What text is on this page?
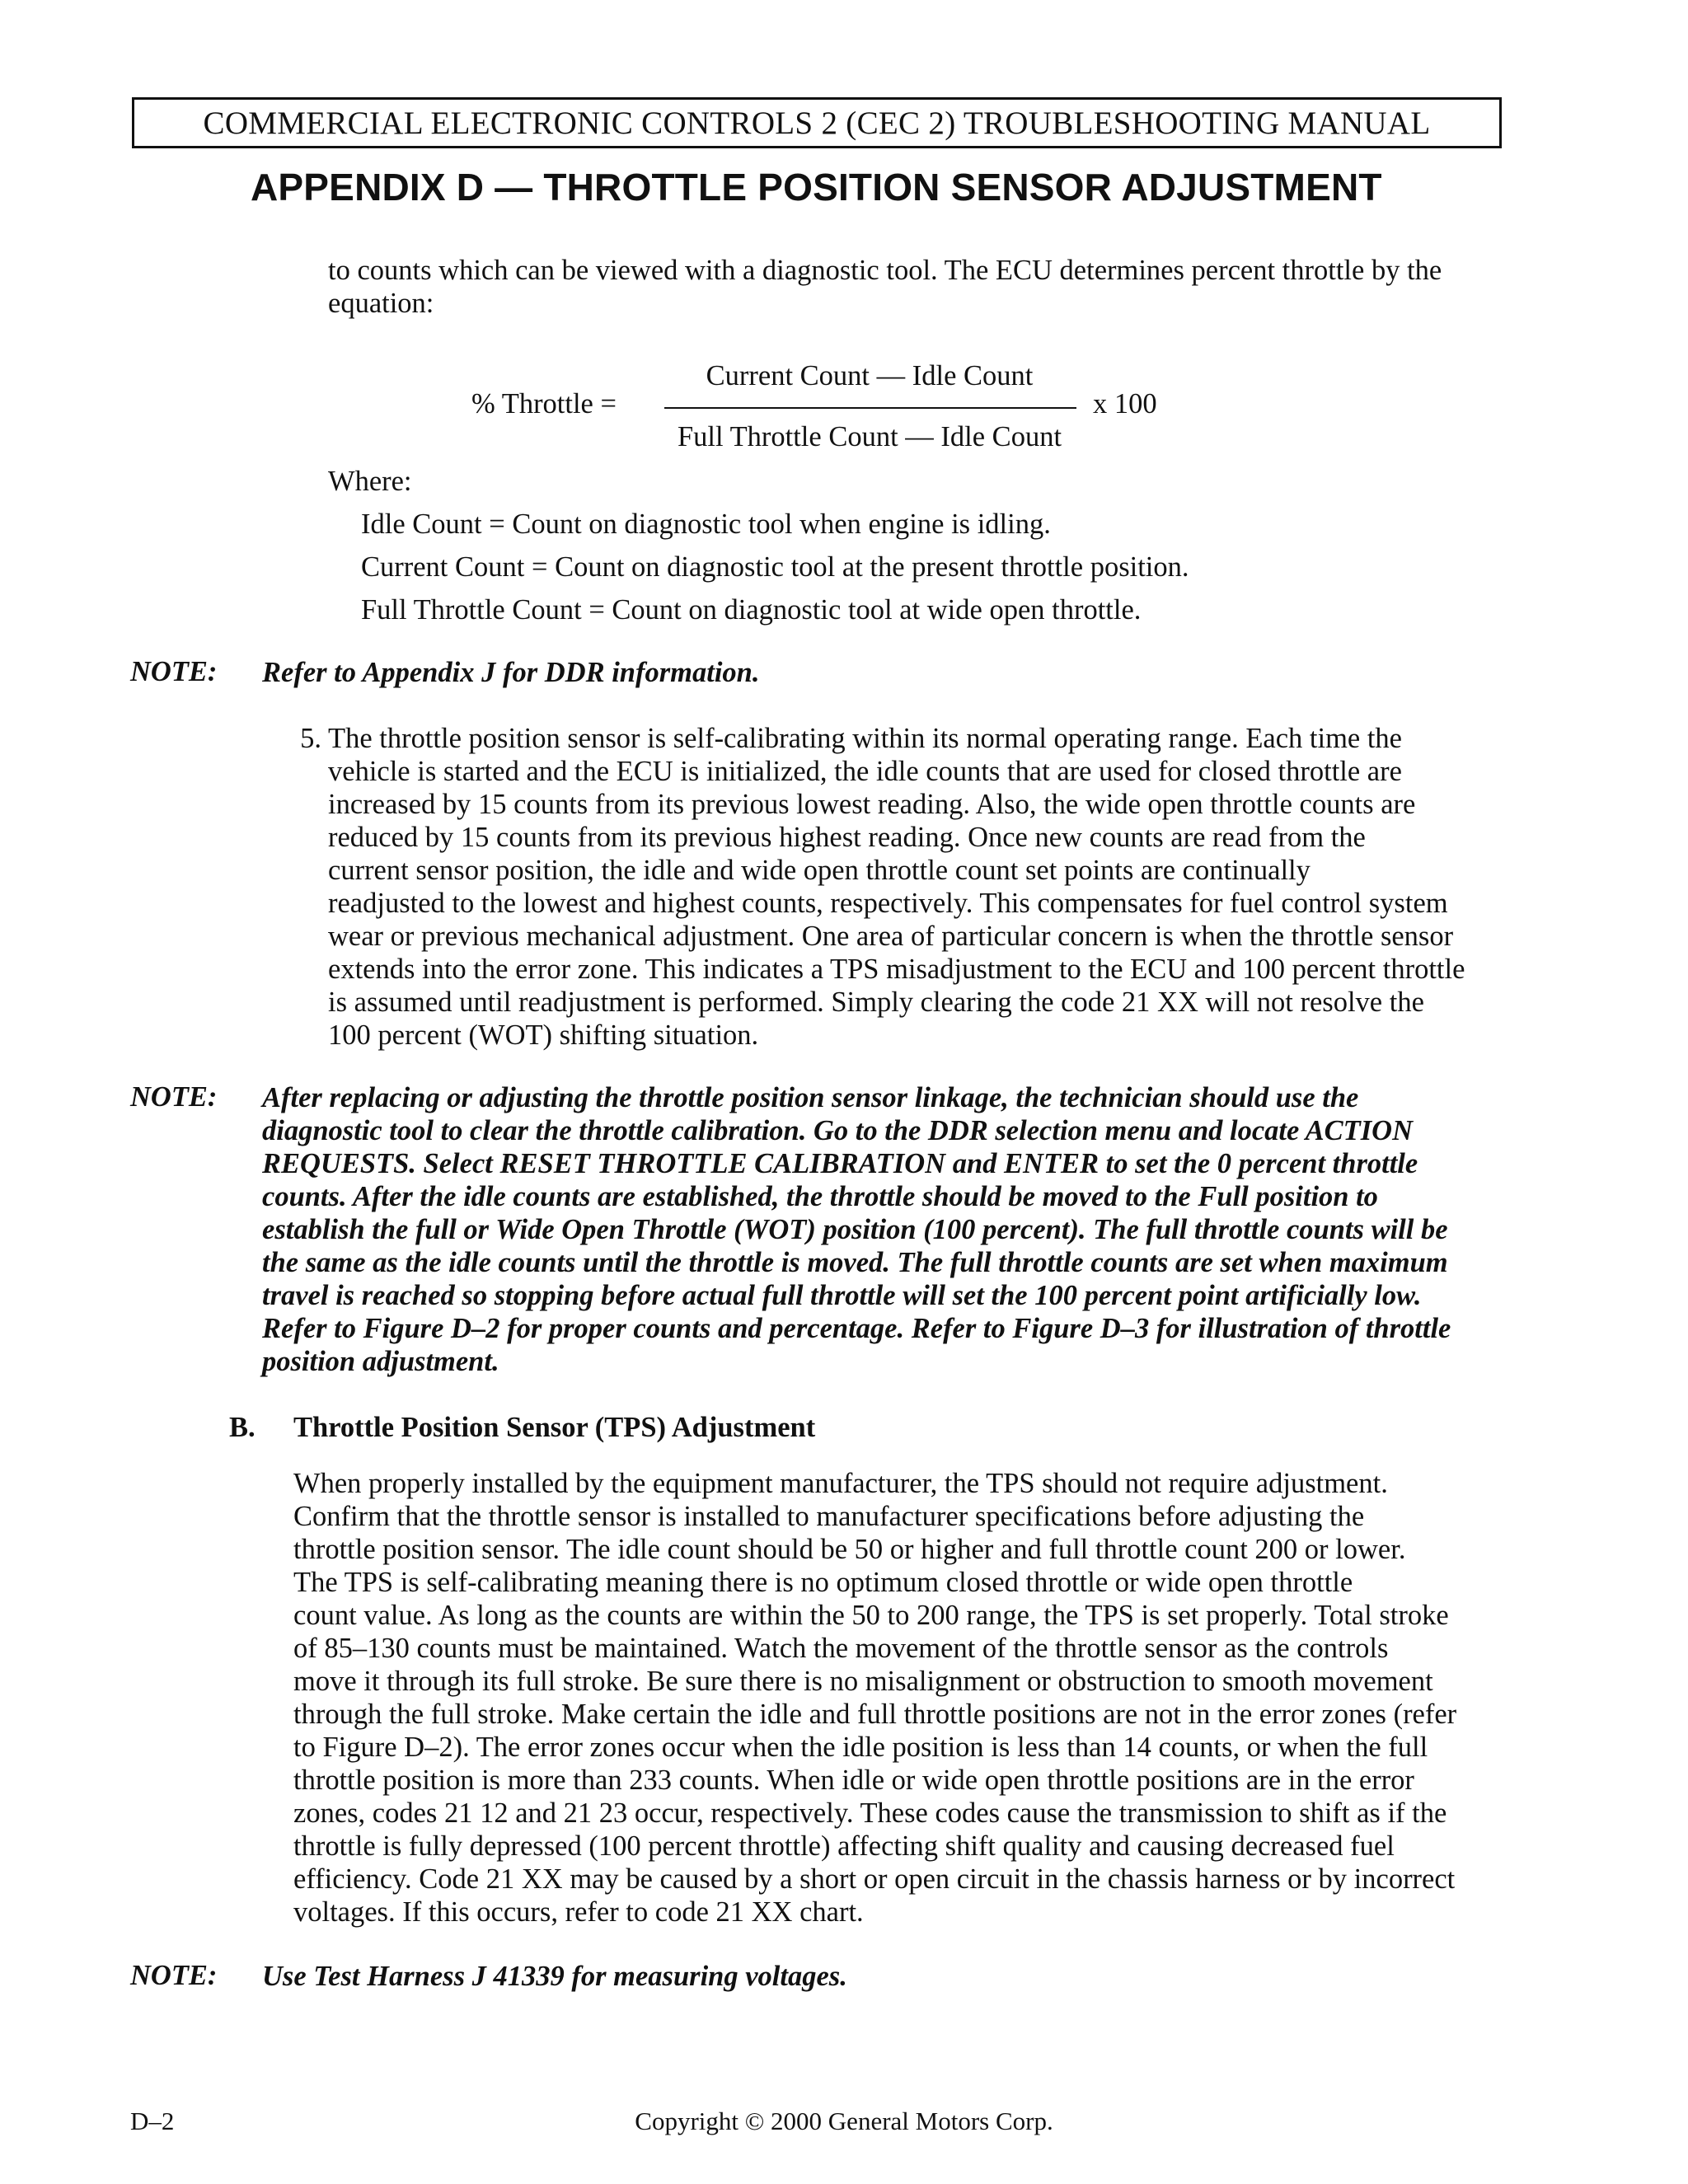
COMMERCIAL ELECTRONIC CONTROLS 2 (CEC 2) TROUBLESHOOTING MANUAL
APPENDIX D — THROTTLE POSITION SENSOR ADJUSTMENT
to counts which can be viewed with a diagnostic tool. The ECU determines percent throttle by the
equation:
% Throttle =
Current Count — Idle Count
Full Throttle Count — Idle Count
x 100
Where:
Idle Count = Count on diagnostic tool when engine is idling.
Current Count = Count on diagnostic tool at the present throttle position.
Full Throttle Count = Count on diagnostic tool at wide open throttle.
NOTE: Refer to Appendix J for DDR information.
5. The throttle position sensor is self-calibrating within its normal operating range. Each time the
vehicle is started and the ECU is initialized, the idle counts that are used for closed throttle are
increased by 15 counts from its previous lowest reading. Also, the wide open throttle counts are
reduced by 15 counts from its previous highest reading. Once new counts are read from the
current sensor position, the idle and wide open throttle count set points are continually
readjusted to the lowest and highest counts, respectively. This compensates for fuel control system
wear or previous mechanical adjustment. One area of particular concern is when the throttle sensor
extends into the error zone. This indicates a TPS misadjustment to the ECU and 100 percent throttle
is assumed until readjustment is performed. Simply clearing the code 21 XX will not resolve the
100 percent (WOT) shifting situation.
NOTE: After replacing or adjusting the throttle position sensor linkage, the technician should use the
diagnostic tool to clear the throttle calibration. Go to the DDR selection menu and locate ACTION
REQUESTS. Select RESET THROTTLE CALIBRATION and ENTER to set the 0 percent throttle
counts. After the idle counts are established, the throttle should be moved to the Full position to
establish the full or Wide Open Throttle (WOT) position (100 percent). The full throttle counts will be
the same as the idle counts until the throttle is moved. The full throttle counts are set when maximum
travel is reached so stopping before actual full throttle will set the 100 percent point artificially low.
Refer to Figure D–2 for proper counts and percentage. Refer to Figure D–3 for illustration of throttle
position adjustment.
B. Throttle Position Sensor (TPS) Adjustment
When properly installed by the equipment manufacturer, the TPS should not require adjustment.
Confirm that the throttle sensor is installed to manufacturer specifications before adjusting the
throttle position sensor. The idle count should be 50 or higher and full throttle count 200 or lower.
The TPS is self-calibrating meaning there is no optimum closed throttle or wide open throttle
count value. As long as the counts are within the 50 to 200 range, the TPS is set properly. Total stroke
of 85–130 counts must be maintained. Watch the movement of the throttle sensor as the controls
move it through its full stroke. Be sure there is no misalignment or obstruction to smooth movement
through the full stroke. Make certain the idle and full throttle positions are not in the error zones (refer
to Figure D–2). The error zones occur when the idle position is less than 14 counts, or when the full
throttle position is more than 233 counts. When idle or wide open throttle positions are in the error
zones, codes 21 12 and 21 23 occur, respectively. These codes cause the transmission to shift as if the
throttle is fully depressed (100 percent throttle) affecting shift quality and causing decreased fuel
efficiency. Code 21 XX may be caused by a short or open circuit in the chassis harness or by incorrect
voltages. If this occurs, refer to code 21 XX chart.
NOTE: Use Test Harness J 41339 for measuring voltages.
D–2	Copyright © 2000 General Motors Corp.
